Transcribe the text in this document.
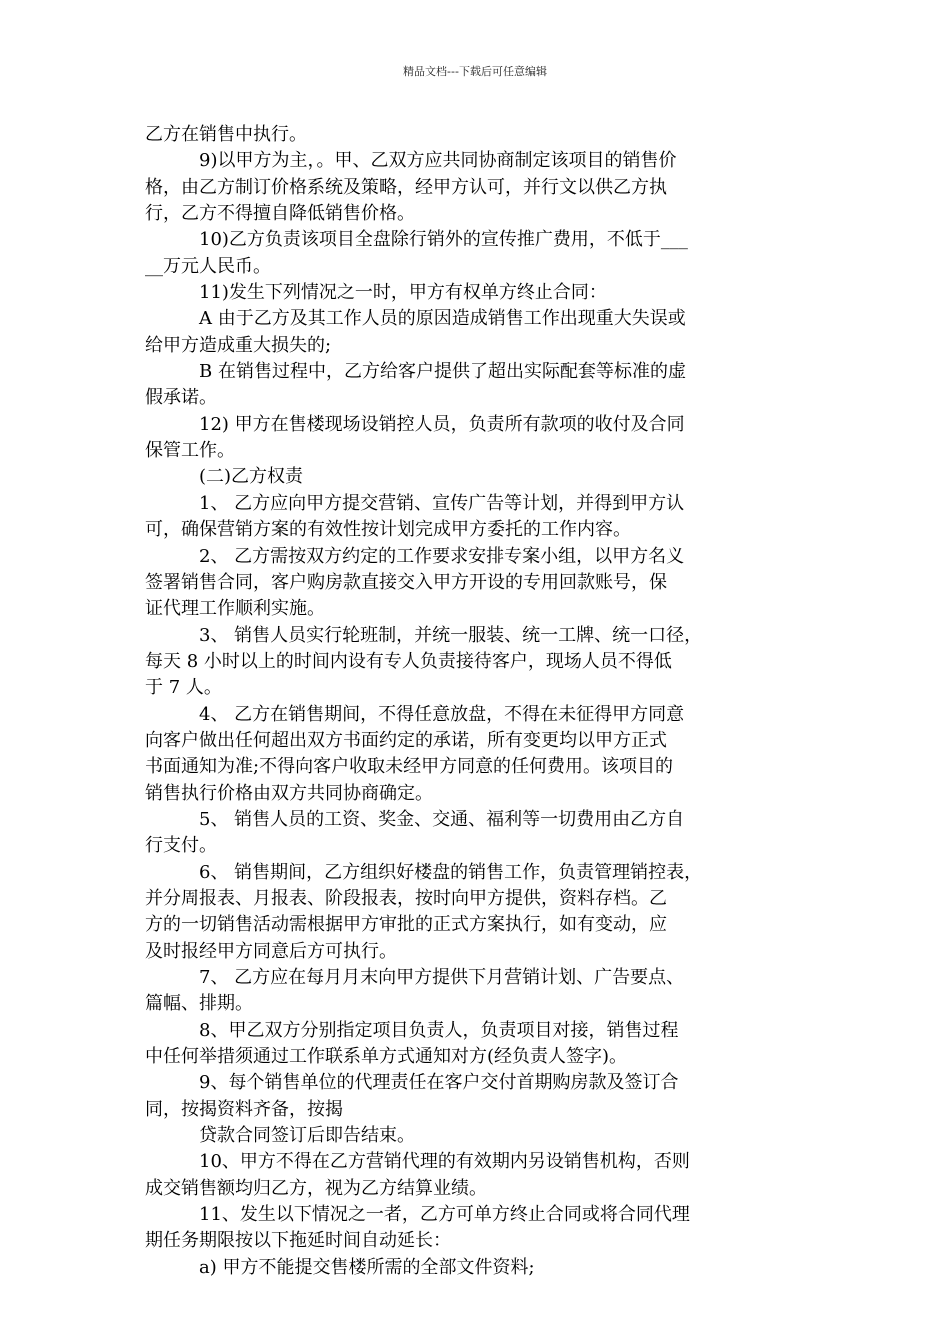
精品文档---下载后可任意编辑
乙方在销售中执行。
9)以甲方为主，。甲、乙双方应共同协商制定该项目的销售价
格，由乙方制订价格系统及策略，经甲方认可，并行文以供乙方执
行，乙方不得擅自降低销售价格。
10)乙方负责该项目全盘除行销外的宣传推广费用，不低于___
__万元人民币。
11)发生下列情况之一时，甲方有权单方终止合同：
A 由于乙方及其工作人员的原因造成销售工作出现重大失误或
给甲方造成重大损失的;
B 在销售过程中，乙方给客户提供了超出实际配套等标准的虚
假承诺。
12) 甲方在售楼现场设销控人员，负责所有款项的收付及合同
保管工作。
(二)乙方权责
1、 乙方应向甲方提交营销、宣传广告等计划，并得到甲方认
可，确保营销方案的有效性按计划完成甲方委托的工作内容。
2、 乙方需按双方约定的工作要求安排专案小组，以甲方名义
签署销售合同，客户购房款直接交入甲方开设的专用回款账号，保
证代理工作顺利实施。
3、 销售人员实行轮班制，并统一服装、统一工牌、统一口径，
每天 8 小时以上的时间内设有专人负责接待客户，现场人员不得低
于 7 人。
4、 乙方在销售期间，不得任意放盘，不得在未征得甲方同意
向客户做出任何超出双方书面约定的承诺，所有变更均以甲方正式
书面通知为准;不得向客户收取未经甲方同意的任何费用。该项目的
销售执行价格由双方共同协商确定。
5、 销售人员的工资、奖金、交通、福利等一切费用由乙方自
行支付。
6、 销售期间，乙方组织好楼盘的销售工作，负责管理销控表，
并分周报表、月报表、阶段报表，按时向甲方提供，资料存档。乙
方的一切销售活动需根据甲方审批的正式方案执行，如有变动，应
及时报经甲方同意后方可执行。
7、 乙方应在每月月末向甲方提供下月营销计划、广告要点、
篇幅、排期。
8、甲乙双方分别指定项目负责人，负责项目对接，销售过程
中任何举措须通过工作联系单方式通知对方(经负责人签字)。
9、每个销售单位的代理责任在客户交付首期购房款及签订合
同，按揭资料齐备，按揭
贷款合同签订后即告结束。
10、甲方不得在乙方营销代理的有效期内另设销售机构，否则
成交销售额均归乙方，视为乙方结算业绩。
11、发生以下情况之一者，乙方可单方终止合同或将合同代理
期任务期限按以下拖延时间自动延长：
a) 甲方不能提交售楼所需的全部文件资料;
